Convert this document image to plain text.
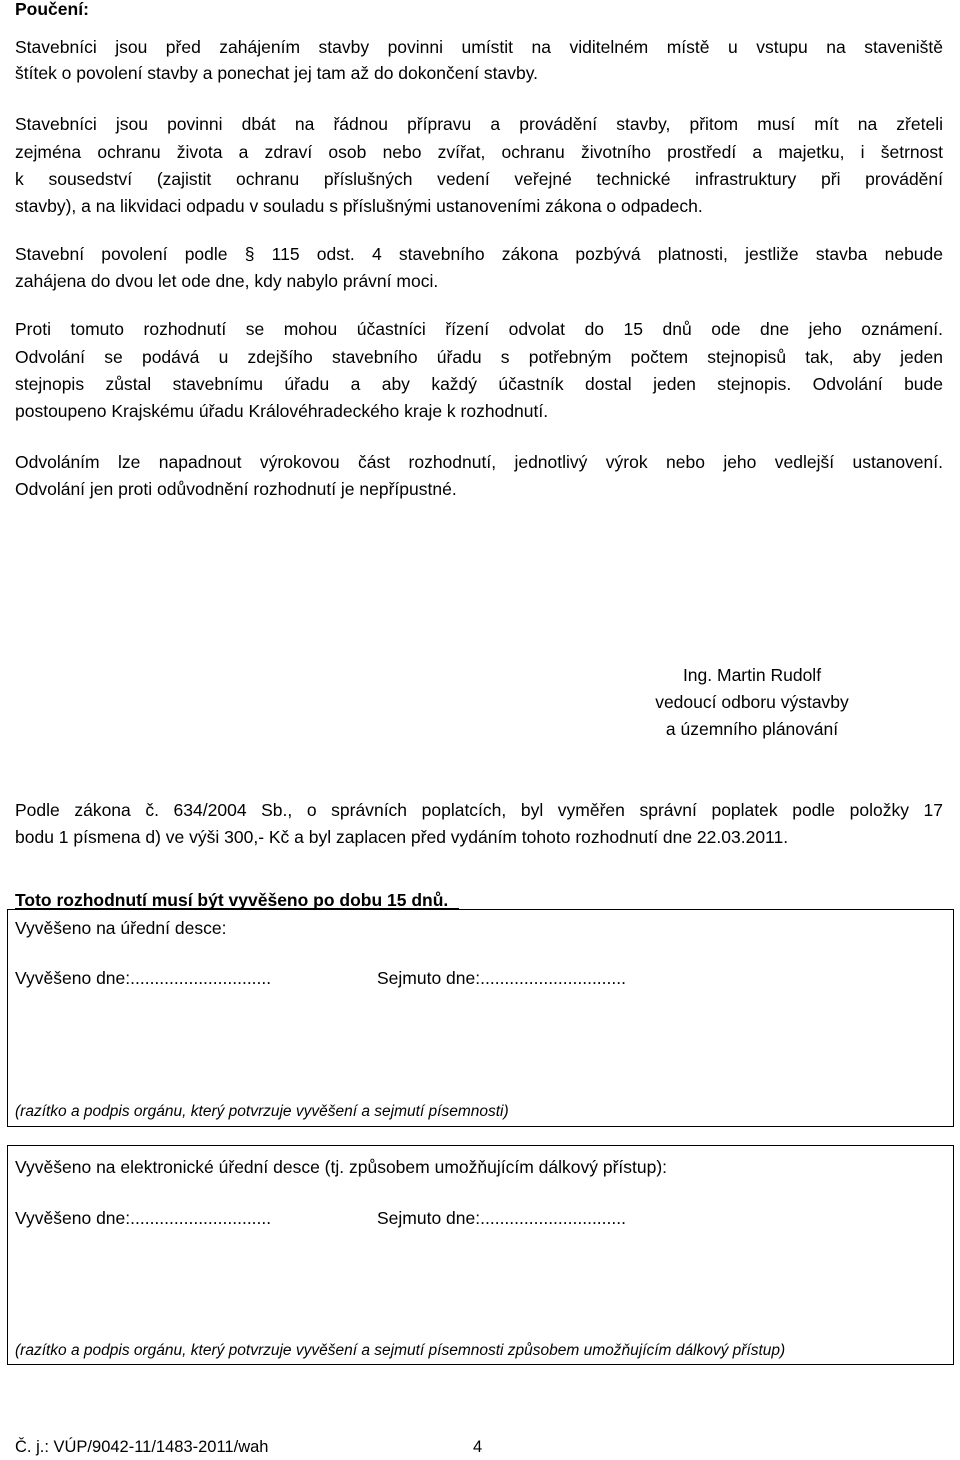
Poučení:
Stavebníci jsou před zahájením stavby povinni umístit na viditelném místě u vstupu na staveniště
štítek o povolení stavby a ponechat jej tam až do dokončení stavby.
Stavebníci jsou povinni dbát na řádnou přípravu a provádění stavby, přitom musí mít na zřeteli
zejména ochranu života a zdraví osob nebo zvířat, ochranu životního prostředí a majetku, i šetrnost
k sousedství (zajistit ochranu příslušných vedení veřejné technické infrastruktury při provádění
stavby), a na likvidaci odpadu v souladu s příslušnými ustanoveními zákona o odpadech.
Stavební povolení podle § 115 odst. 4 stavebního zákona pozbývá platnosti, jestliže stavba nebude
zahájena do dvou let ode dne, kdy nabylo právní moci.
Proti tomuto rozhodnutí se mohou účastníci řízení odvolat do 15 dnů ode dne jeho oznámení.
Odvolání se podává u zdejšího stavebního úřadu s potřebným počtem stejnopisů tak, aby jeden
stejnopis zůstal stavebnímu úřadu a aby každý účastník dostal jeden stejnopis. Odvolání bude
postoupeno Krajskému úřadu Královéhradeckého kraje k rozhodnutí.
Odvoláním lze napadnout výrokovou část rozhodnutí, jednotlivý výrok nebo jeho vedlejší ustanovení.
Odvolání jen proti odůvodnění rozhodnutí je nepřípustné.
Ing. Martin Rudolf
vedoucí odboru výstavby
a územního plánování
Podle zákona č. 634/2004 Sb., o správních poplatcích, byl vyměřen správní poplatek podle položky 17
bodu 1 písmena d) ve výši 300,- Kč a byl zaplacen před vydáním tohoto rozhodnutí dne 22.03.2011.
Toto rozhodnutí musí být vyvěšeno po dobu 15 dnů.
Vyvěšeno na úřední desce:
Vyvěšeno dne:.............................	Sejmuto dne:..............................
(razítko a podpis orgánu, který potvrzuje vyvěšení a sejmutí písemnosti)
Vyvěšeno na elektronické úřední desce (tj. způsobem umožňujícím dálkový přístup):
Vyvěšeno dne:.............................	Sejmuto dne:..............................
(razítko a podpis orgánu, který potvrzuje vyvěšení a sejmutí písemnosti způsobem umožňujícím dálkový přístup)
Č. j.: VÚP/9042-11/1483-2011/wah	4
